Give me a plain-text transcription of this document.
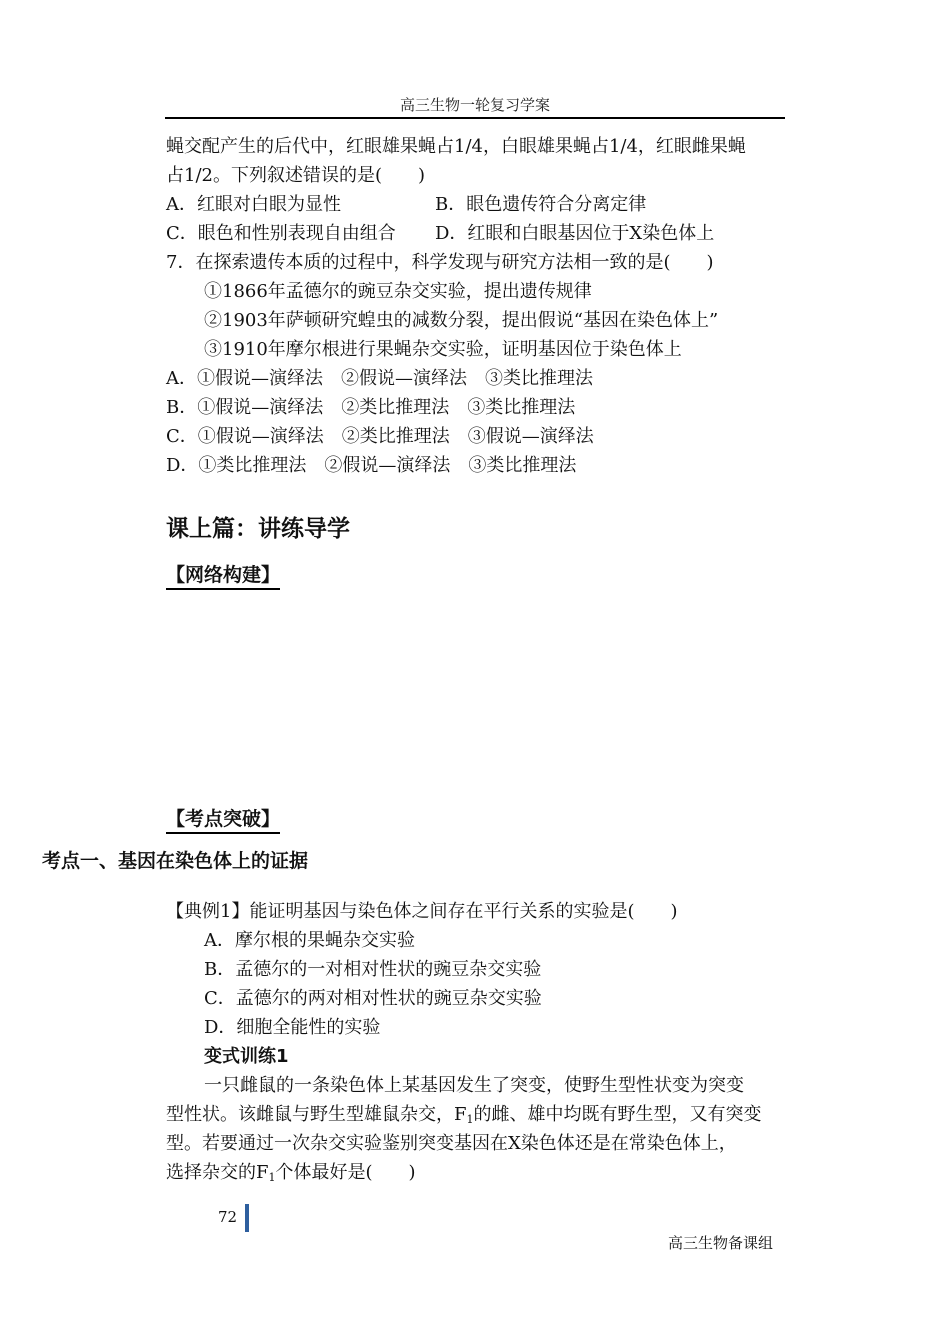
高三生物一轮复习学案
蝇交配产生的后代中，红眼雄果蝇占1/4，白眼雄果蝇占1/4，红眼雌果蝇
占1/2。下列叙述错误的是(　　)
A．红眼对白眼为显性	B．眼色遗传符合分离定律
C．眼色和性别表现自由组合 D．红眼和白眼基因位于X染色体上
7．在探索遗传本质的过程中，科学发现与研究方法相一致的是(　　)
①1866年孟德尔的豌豆杂交实验，提出遗传规律
②1903年萨顿研究蝗虫的减数分裂，提出假说“基因在染色体上”
③1910年摩尔根进行果蝇杂交实验，证明基因位于染色体上
A．①假说—演绎法　②假说—演绎法　③类比推理法
B．①假说—演绎法　②类比推理法　③类比推理法
C．①假说—演绎法　②类比推理法　③假说—演绎法
D．①类比推理法　②假说—演绎法　③类比推理法
课上篇：讲练导学
【网络构建】
【考点突破】
考点一、基因在染色体上的证据
【典例1】能证明基因与染色体之间存在平行关系的实验是(　　)
A．摩尔根的果蝇杂交实验
B．孟德尔的一对相对性状的豌豆杂交实验
C．孟德尔的两对相对性状的豌豆杂交实验
D．细胞全能性的实验
变式训练1
一只雌鼠的一条染色体上某基因发生了突变，使野生型性状变为突变
型性状。该雌鼠与野生型雄鼠杂交，$F_1$的雌、雄中均既有野生型，又有突变
型。若要通过一次杂交实验鉴别突变基因在X染色体还是在常染色体上，
选择杂交的$F_1$个体最好是(　　)
72
高三生物备课组
